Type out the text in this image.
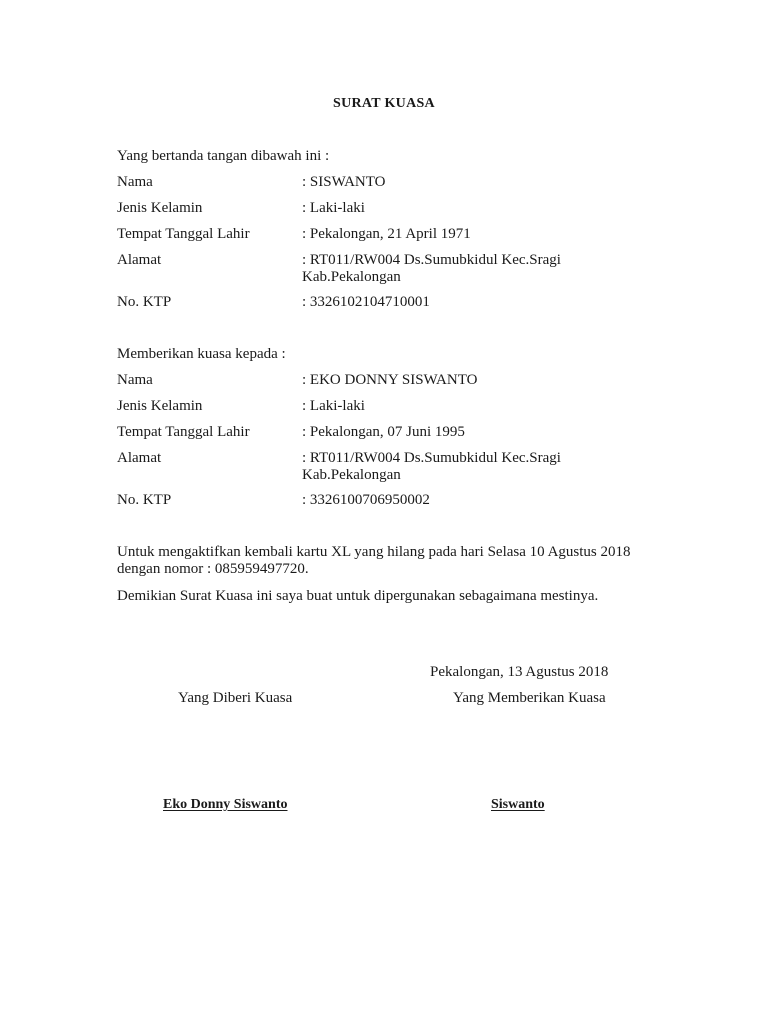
SURAT KUASA
Yang bertanda tangan dibawah ini :
Nama	: SISWANTO
Jenis Kelamin	: Laki-laki
Tempat Tanggal Lahir	: Pekalongan, 21 April 1971
Alamat	: RT011/RW004 Ds.Sumubkidul Kec.Sragi Kab.Pekalongan
No. KTP	: 3326102104710001
Memberikan kuasa kepada :
Nama	: EKO DONNY SISWANTO
Jenis Kelamin	: Laki-laki
Tempat Tanggal Lahir	: Pekalongan, 07 Juni 1995
Alamat	: RT011/RW004 Ds.Sumubkidul Kec.Sragi Kab.Pekalongan
No. KTP	: 3326100706950002
Untuk mengaktifkan kembali kartu XL yang hilang pada hari Selasa 10 Agustus 2018 dengan nomor : 085959497720.
Demikian Surat Kuasa ini saya buat untuk dipergunakan sebagaimana mestinya.
Pekalongan, 13 Agustus 2018
Yang Diberi Kuasa	Yang Memberikan Kuasa
Eko Donny Siswanto	Siswanto
